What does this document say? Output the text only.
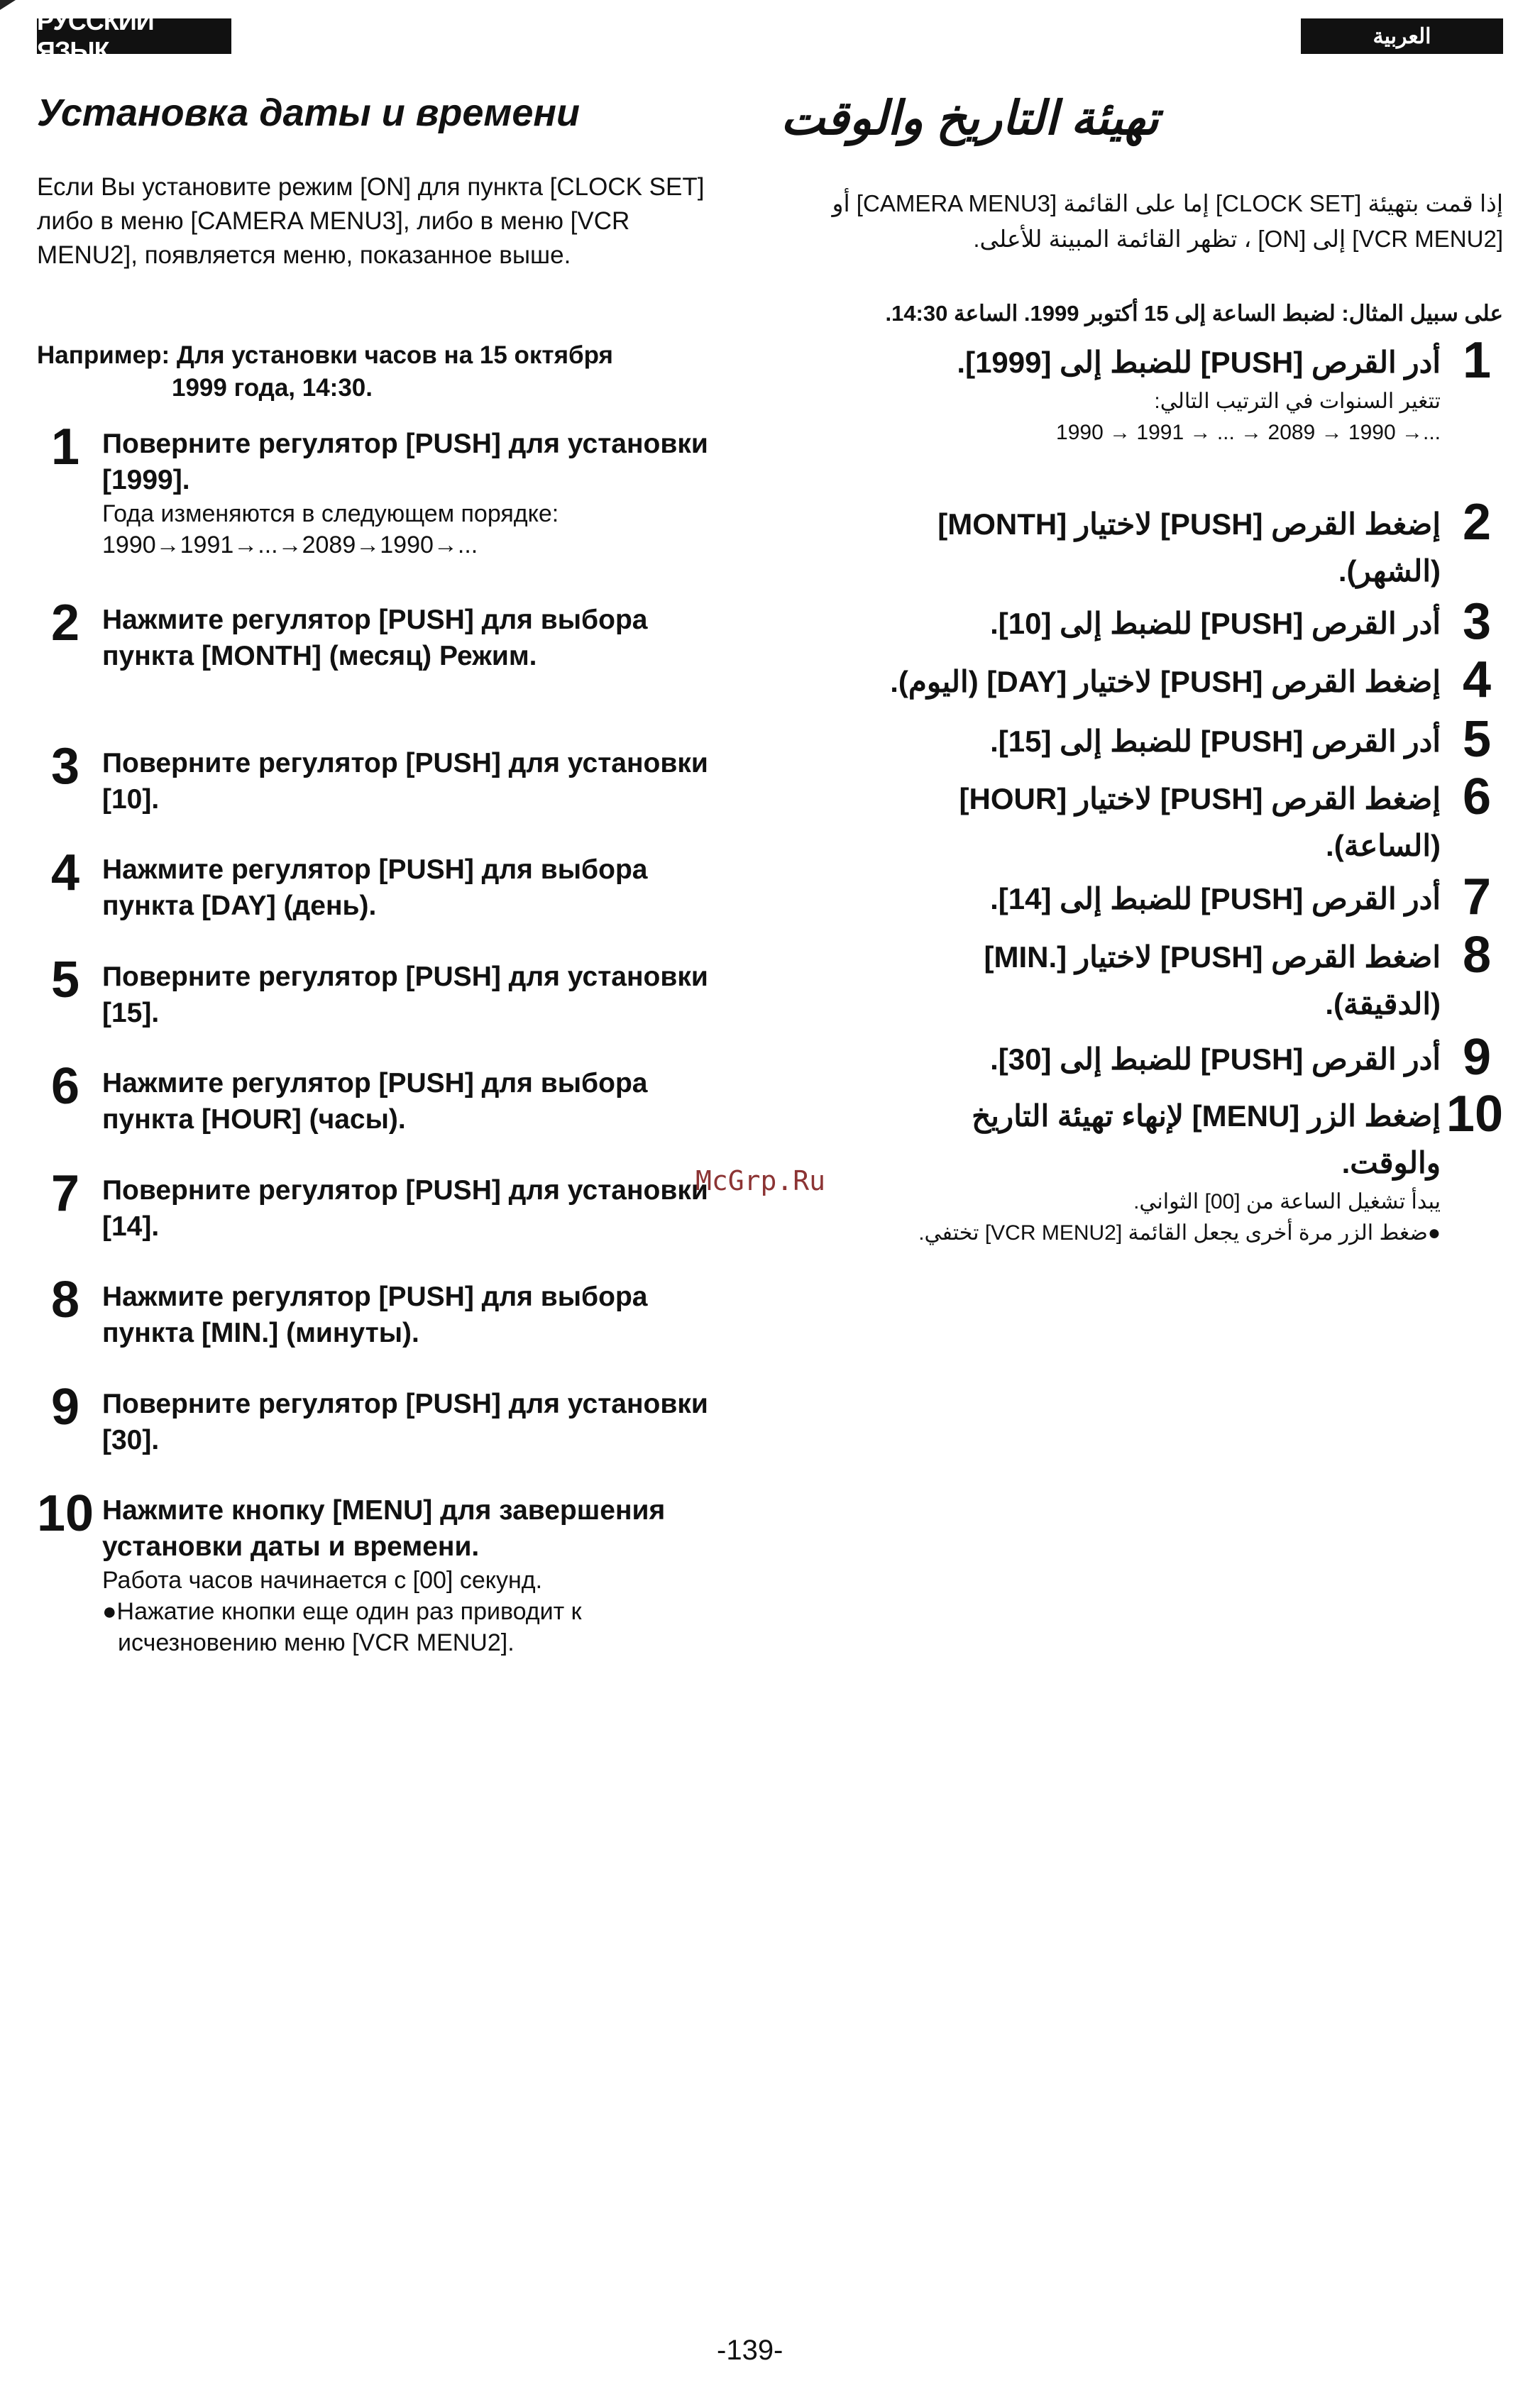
РУССКИЙ ЯЗЫК	العربية
Установка даты и времени	تهيئة التاريخ والوقت
Если Вы установите режим [ON] для пункта [CLOCK SET] либо в меню [CAMERA MENU3], либо в меню [VCR MENU2], появляется меню, показанное выше.
Например: Для установки часов на 15 октября
1999 года, 14:30.
1 Поверните регулятор [PUSH] для установки [1999].
Года изменяются в следующем порядке: 1990→1991→...→2089→1990→...
2 Нажмите регулятор [PUSH] для выбора пункта [MONTH] (месяц) Режим.
3 Поверните регулятор [PUSH] для установки [10].
4 Нажмите регулятор [PUSH] для выбора пункта [DAY] (день).
5 Поверните регулятор [PUSH] для установки [15].
6 Нажмите регулятор [PUSH] для выбора пункта [HOUR] (часы).
7 Поверните регулятор [PUSH] для установки [14].
8 Нажмите регулятор [PUSH] для выбора пункта [MIN.] (минуты).
9 Поверните регулятор [PUSH] для установки [30].
10 Нажмите кнопку [MENU] для завершения установки даты и времени.
Работа часов начинается с [00] секунд.
●Нажатие кнопки еще один раз приводит к исчезновению меню [VCR MENU2].
إذا قمت بتهيئة [CLOCK SET] إما على القائمة [CAMERA MENU3] أو
[VCR MENU2] إلى [ON] ، تظهر القائمة المبينة للأعلى.
على سبيل المثال: لضبط الساعة إلى 15 أكتوبر 1999. الساعة 14:30.
1
أدر القرص [PUSH] للضبط إلى [1999].
تتغير السنوات في الترتيب التالي:
1990 → 1991 → ... → 2089 → 1990 →...
2
إضغط القرص [PUSH] لاختيار [MONTH] (الشهر).
3
أدر القرص [PUSH] للضبط إلى [10].
4
إضغط القرص [PUSH] لاختيار [DAY] (اليوم).
5
أدر القرص [PUSH] للضبط إلى [15].
6
إضغط القرص [PUSH] لاختيار [HOUR] (الساعة).
7
أدر القرص [PUSH] للضبط إلى [14].
8
اضغط القرص [PUSH] لاختيار [.MIN] (الدقيقة).
9
أدر القرص [PUSH] للضبط إلى [30].
10
إضغط الزر [MENU] لإنهاء تهيئة التاريخ والوقت.
يبدأ تشغيل الساعة من [00] الثواني.
●ضغط الزر مرة أخرى يجعل القائمة [VCR MENU2] تختفي.
McGrp.Ru
-139-
